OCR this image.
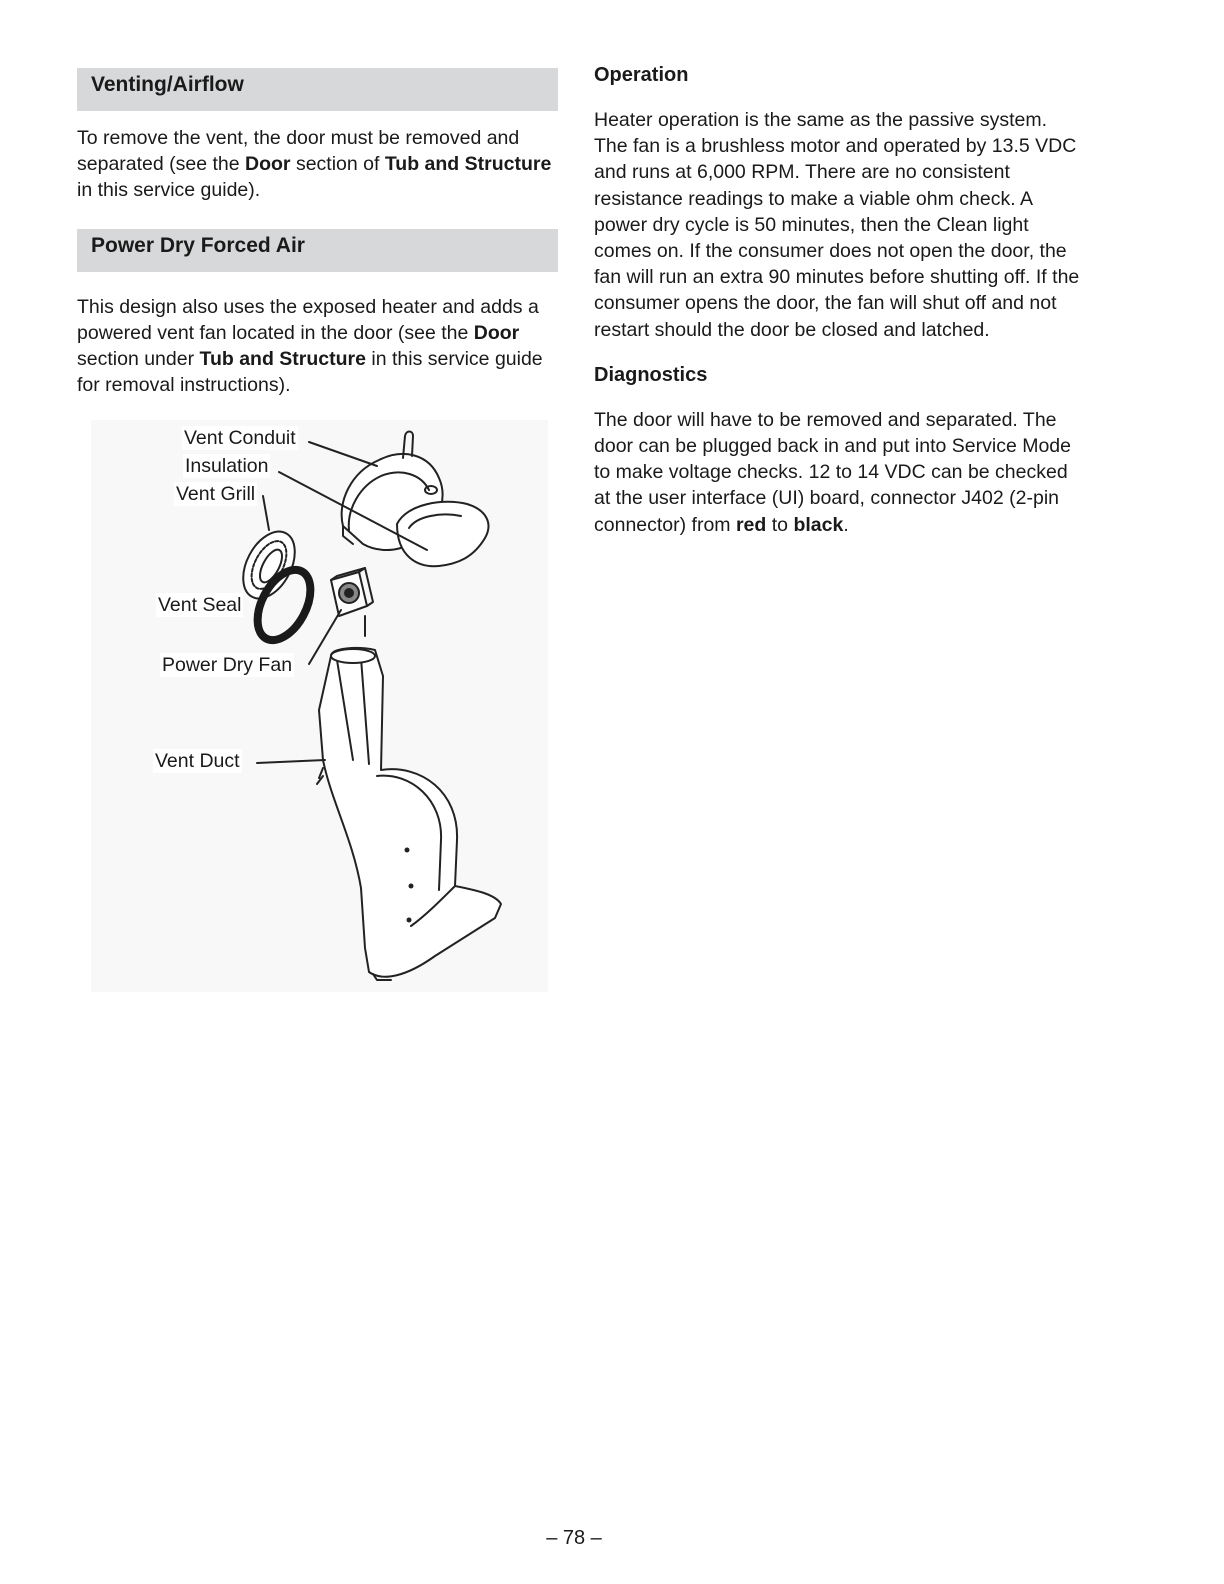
Venting/Airflow

To remove the vent, the door must be removed and separated (see the Door section of Tub and Structure in this service guide).

Power Dry Forced Air

This design also uses the exposed heater and adds a powered vent fan located in the door (see the Door section under Tub and Structure in this service guide for removal instructions).

Vent Conduit
Insulation
Vent Grill
Vent Seal
Power Dry Fan
Vent Duct

Operation

Heater operation is the same as the passive system. The fan is a brushless motor and operated by 13.5 VDC and runs at 6,000 RPM. There are no consistent resistance readings to make a viable ohm check. A power dry cycle is 50 minutes, then the Clean light comes on. If the consumer does not open the door, the fan will run an extra 90 minutes before shutting off. If the consumer opens the door, the fan will shut off and not restart should the door be closed and latched.

Diagnostics

The door will have to be removed and separated. The door can be plugged back in and put into Service Mode to make voltage checks. 12 to 14 VDC can be checked at the user interface (UI) board, connector J402 (2-pin connector) from red to black.

– 78 –
